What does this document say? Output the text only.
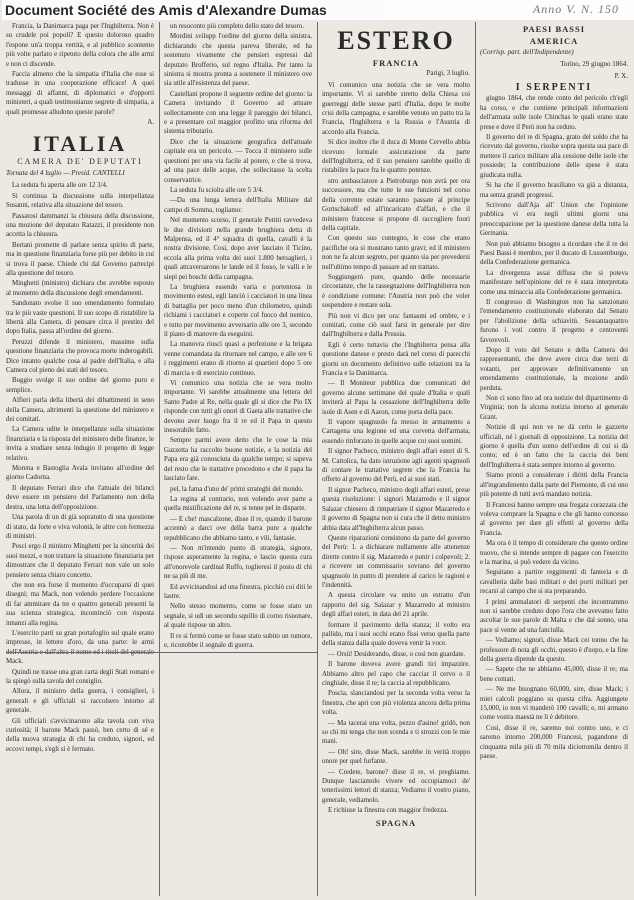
Document Société des Amis d'Alexandre Dumas	Anno V. N. 150

Francia, la Danimarca paga per l'Inghilterra. Non è su crudele poi popoli? E questo doloroso quadro l'espone un'a troppa vertità, e al pubblico scontento più volte parlato e ripetuto della colora che alle armi e non ci discende.

Faccia almeno che la simpatia d'Italia che esse si tradusse in una cooperazione efficace! A quei messaggi di affanni, di diplomatici e d'opporti ministeri, a quali testimonianze segrete di simpatia, a quali promesse alludono queste parole?

A.
ITALIA
CAMERA DE' DEPUTATI
Tornata del 4 luglio — Presid. CANTELLI

La seduta fu aperta alle ore 12 3/4.

Si continua la discussione sulla interpellanza Susanni, relativa alla situazione del tesoro.

Passatosi dammanzi la chiusura della discussione, una mozione del deputato Ratazzi, il presidente non accetta la chiusura.

Bertani promette di parlare senza spirito di parte, ma in questione finanziaria forse più per debito in cui si trova il paese. Chiede chi dal Governo partecipi alla questione del tesoro.

Minghetti (ministro) dichiara che avrebbe esposto al momento della discussione degli emendamenti.

Sandonato svolse il suo emendamento formulato tra le più vaste questioni. Il suo scopo di ristabilire la libertà alla Camera, di pensare circa il prestito del dopo Italia, passa all'ordine del giorno.

Peruzzi difende il ministero, massime sulla questione finanziaria che provoca morte inderogabili. Dice intanto qualche cosa al padre dell'Italia, e alla Camera col pieno dei stati del tesoro.

Boggio svolge il suo ordine del giorno puro e semplice.

Alfieri parla della libertà dei dibattimenti in seno della Camera, altrimenti la questione del ministero e dei comitati.

La Camera udite le interpellanze sulla situazione finanziaria e la risposta del ministero delle finanze, le invita a studiare senza indugio il progetto di legge relativo.

Morena e Bastoglia Avala invitano all'ordine del giorno Cadorna.

Il deputato Ferrari dice che l'attuale dei bilanci deve essere un pensiero del Parlamento non della destra, una lotta dell'opposizione.

Una parola di un di già sopratutto di una questione di stato, da forte e viva volontà, le altre con fermezza di ministri.

Pesci ergo il ministro Minghetti per la sincerità dei suoi mezzi, e non trattare la situazione finanziaria per dimostrare che il deputato Ferrari non vale un solo pensiero senza chiaro concetto.

che non era forse il momento d'occuparsi di quei disegni; ma Mack, non volendo perdere l'occasione di far ammirare da tre o quattro generali presenti la sua scienza strategica, incominciò con risposta innanzi alla regina.

L'esercito partì su gran portafoglio sul quale erano impresse, in lettere d'oro, da una parte: le armi Mack.

Quindi ne trasse una gran carta degli Stati romani e la spiegò sulla tavola del consiglio.

Allora, il ministro della guerra, i consiglieri, i generali e gli ufficiali si raccolsero intorno al generale.

Gli ufficiali s'avvicinarono alla tavola con viva curiosità; il barone Mack passò, ben certo di sé e della nuova strategia di chi ha creduto, signori, ed eccovi tempi, s'egli si è fermato.

un resoconto più completo dello stato del tesoro.

Mordini svilupp l'ordine del giorno della sinistra, dichiarando che questa pareva liberale, ed ha sostenuto vivamente che pensieri espressi dal deputato Brofferio, sul regno d'Italia. Per tanto la sinistra si mostra pronta a sostenere il ministero ove sia utile all'esistenza del paese.

Castellani propone il seguente ordine del giorno: la Camera invitando il Governo ad attuare sollecitamente con una legge il pareggio dei bilanci, e a presentare col maggior profitto una riforma del sistema tributario.

Dice che la situazione geografica dell'attuale capitale era un pericolo. — Tocca il ministero sulle questioni per una via facile al potere, e che si trova, ad una pace delle acque, che sollecitasse la scelta conservatrice.

La seduta fu sciolta alle ore 5 3/4.

—Da una lunga lettera dell'Italia Militare dal campo di Somma, togliamo:

Nel momento scorso, il generale Pettiti ravvedeva le due divisioni nella grande brughiera detta di Malpensa, ed il 4° squadra di quella, cavalli è la nostra divisione. Cosi, dopo aver lasciato il Ticino, eccola alla prima volta dei suoi 1.800 bersaglieri, i quali attraversarono le lande ed il fosso, le valli e le siepi pei boschi della campagna.

La brughiera essendo varia e portentosa in movimento estesi, egli lanciò i cacciatori in una linea di battaglia per poco meno d'un chilometro, quindi richiami i cacciatori e coperte col fuoco del nemico, e tutto per movimento avversario alle ore 3, secondo il piano di manovre da eseguirsi.

La manovra riuscì quasi a perfezione e la brigata venne comandata da ritornare nel campo, e alle ore 6 i reggimenti erano di ritorno ai quartieri dopo 5 ore di marcia e di esercizio continuo.

Vi comunico una notizia che se vera molto importante. Vi sarebbe attualmente una lettera del Santo Padre al Re, nella quale gli si dice che Pio IX risponde con tutti gli onori di Gaeta alle trattative che devono aver luogo fra il re ed il Papa in questo inesorabile fatto.

Sempre parmi avere detto che le cose la mia Gazzetta ha raccolto buone notizie, e la notizia del Papa era già conosciuta da qualche tempo; si sapeva del resto che le trattative procedono e che il papa ha lasciato fare.

pel, la fama d'uno de' primi strateghi del mondo.

La regina al contrario, non volendo aver parte a quella mistificazione del re, si tenne pel in disparte.

— E che! mascalzone, disse il re, quando il barone accennò a darci ove della barra pure a qualche repubblicano che abbiamo tanto, e vili, fantasie.

— Non m'intendo punto di strategia, signore, rispose asperamente la regina, e lascio questa cura all'onorevole cardinal Ruffo, toglieresi il posto di chi ne sa più di me.

Ed avvicinandosi ad una finestra, picchiò coi diti le lastre.

Nello stesso momento, come se fosse stato un segnale, si udì un secondo squillo di corno risuonare, al quale rispose un altro.

Il re si fermò come se fosse stato subito un rumore, e, riconobbe il segnale di guerra.

ESTERO
FRANCIA
Parigi, 3 luglio.

Vi comunico una notizia che se vera molto importante. Vi si sarebbe stretto della Chiesa coi guerreggi delle stesse parti d'Italia, dopo le molte crisi della campagna, e sarebbe venuto un patto tra la Francia, l'Inghilterra e la Russia e l'Austria di accordo alla Francia.

Si dice inoltre che il duca di Monte Cervello abbia ricevuto formale assicurazione da parte dell'Inghilterra, ed il suo pensiero sarebbe quello di ristabilire la pace fra le quattro potenze.

stro ambasciatore a Pietroburgo non avrà per ora successore, ma che tutte le sue funzioni nel corso della corrente estate saranno passate al principe Gortschakoff ed all'incaricato d'affari, e che il ministero francese si propone di raccogliere fuori della capitale.

Con questo suo contegno, le cose che erano pacifiche ora si mostrano tanto gravi; ed il ministero non ne fa alcun segreto, per quanto sia per prevedersi nell'ultimo tempo di passare ad un trattato.

Soggiungerò pure, quando delle necessarie circostanze, che la rassegnazione dell'Inghilterra non è condizione comune: l'Austria non può che voler sospendere e restare sola.

Più non vi dico per ora: fantasmi ed ombre, e i comitati, come ciò suol farsi in generale per dire dall'Inghilterra e dalla Prussia.

Egli è certo tuttavia che l'Inghilterra pensa alla questione danese e presto darà nel corso di parecchi giorni un documento definitivo sulle relazioni tra la Francia e la Danimarca.

— Il Moniteur pubblica due comunicati del governo alcune settimane del quale d'Italia e quali inviterà al Papa la cessazione dell'Inghilterra delle isole di Asen e di Aaron, come porta della pace.

Il vapore spagnuolo fa messo in armamento a Cartagena una legione ed una corvetta dell'armata, essendo rinforzato in quelle acque coi suoi uomini.

Il signor Pacheco, ministro degli affari esteri di S. M. Cattolica, ha dato istruzione agli agenti spagnuoli di contare le trattative segrete che la Francia ha offerto al governo del Perù, ed ai suoi stati.

Il signor Pacheco, ministro degli affari esteri, prese questa risoluzione: i signori Mazarredo e il signor Salazar chiesero di rimpatriare il signor Mazarredo e il governo di Spagna non si cura che il detto ministro abbia data all'Inghilterra alcun passo.

Queste riparazioni consistono da parte del governo del Perù: 1. a dichiarare nullamente alle attenenze dirette contro il sig. Mazarredo e punir i colpevoli; 2. a ricevere un commissario sovrano del governo spagnuolo in punto di prendere al carico le ragioni e l'indennità.

A questa circolare va unito un estratto d'un rapporto del sig. Salazar y Mazarredo al ministro degli affari esteri, in data del 21 aprile.

formare il pavimento della stanza; il volto era pallido, ma i suoi occhi erano fissi verso quella parte della stanza dalla quale doveva venir la voce.

— Orsù! Desiderando, disse, o cosi non guardate.

Il barone doveva avere grandi tiri impazzire. Abbiamo altro pel capo che cacciar il cervo o il cinghiale, disse il re; la caccia al repubblicano.

Poscia, slanciandosi per la seconda volta verso la finestra, che apri con più violenza ancora della prima volta.

— Ma tacerai una volta, pezzo d'asino! gridò, non so chi mi tenga che non scenda e ti strozzi con le mie mani.

— Oh! sire, disse Mack, sarebbe in verità troppo onore per quel furfante.

— Credete, barone? disse il re, vi preghiamo. Dunque lasciamolo vivere ed occupiamoci de' tenerissimi lettori di stanza; Vediamo il vostro piano, generale, vediamolo.

E richiuse la finestra con maggior fredezza.

SPAGNA
PAESI BASSI
AMERICA
(Corrisp. part. dell'Indipendente)
Torino, 29 giugno 1864.
P. X.
I SERPENTI

giugno 1864, che rende conto del pericolo ch'egli ha corso, e che contiene principali informazioni dell'armata sulle isole Chinchas le quali erano state prese e dove il Perù non ha ceduto.

Il governo del re di Spagna, grato del soldo che ha ricevuto dal governo, risolse sopra questa sua pace di mettere il carico militare alla cessione delle isole che possiede; la contribuzione delle spese è stata giudicata nulla.

Si ha che il governo brasiliano va già a distanza, ma senza grandi progressi.

Scrivono dall'Aja all' Union che l'opinione pubblica vi era negli ultimi giorni una preoccupazione per la questione danese della tutta la Germania.

Non può abbiamo bisogno a ricordare che il re dei Paesi Bassi è membro, per il ducato di Lussemburgo, della Confederazione germanica.

La divergenza assai diffusa che si poteva manifestare nell'opinione del re è stata interpretata come una minaccia alla Confederazione germanica.

Il congresso di Washington non ha sanzionato l'emendamento costituzionale elaborato dal Senato per l'abolizione della schiavitù. Sessantaquattro furono i voti contro il progetto e centoventi favorevoli.

Dopo il voto del Senato e della Camera dei rappresentanti, che deve avere circa due terzi di votanti, per approvare definitivamente un emendamento costituzionale, la mozione andò perduta.

Non ci sono fino ad ora notizie del dipartimento di Virginia; non fa alcuna notizia intorno al generale Grant.

Notizie di qui non ve ne dà certo le gazzette ufficiali, né i giornali di opposizione. La notizia del giorno è quella d'un uomo dell'ordine di cui si dà conto; ed è un fatto che la caccia dei beni dell'Inghilterra è stata sempre intorno al governo.

Siamo pronti a considerare i diritti della Francia all'ingrandimento dalla parte del Piemonte, di cui uno più potente di tutti avrà mandato notizia.

Il Francesi hanno sempre una fregata corazzata che voleva comprare la Spagna e che gli hanno concesso al governo per dare gli effetti al governo della Francia.

Ma ora è il tempo di considerare che questo ordine nuovo, che si intende sempre di pagare con l'esercito e la marina, si può vedere da vicino.

Seguitano a partire reggimenti di fanteria e di cavalleria dalle basi militari e dei porti militari per recarsi al campo che si sta preparando.

I primi ammalatori di serpenti che incontrammo non si sarebbe creduto dopo l'ora che avevamo fatto ascoltar le sue parole di Malta e che dal sonno, una pace si venne ad una fanciulla.

— Vediamo; signori, disse Mack cei tonno che ha professore di nota gli occhi, questo è d'uopo, e la fine della guerra dipende da questo.

— Sapete che ne abbiamo 45,000, disse il re; ma bene contati.

— Ne me bisognano 60,000, sire, disse Mack; i miei calcoli poggiano su questa cifra. Aggiungete 15,000, io non vi manderò 100 cavalli; e, mi armano come vostra maestà ne li è debitore.

Così, disse il re, saremo noi contro uno, e ci saremo intorno 200,000 Francesi, pagandone di cinquanta mila più di 70 mila diciottomila dentro il paese.
